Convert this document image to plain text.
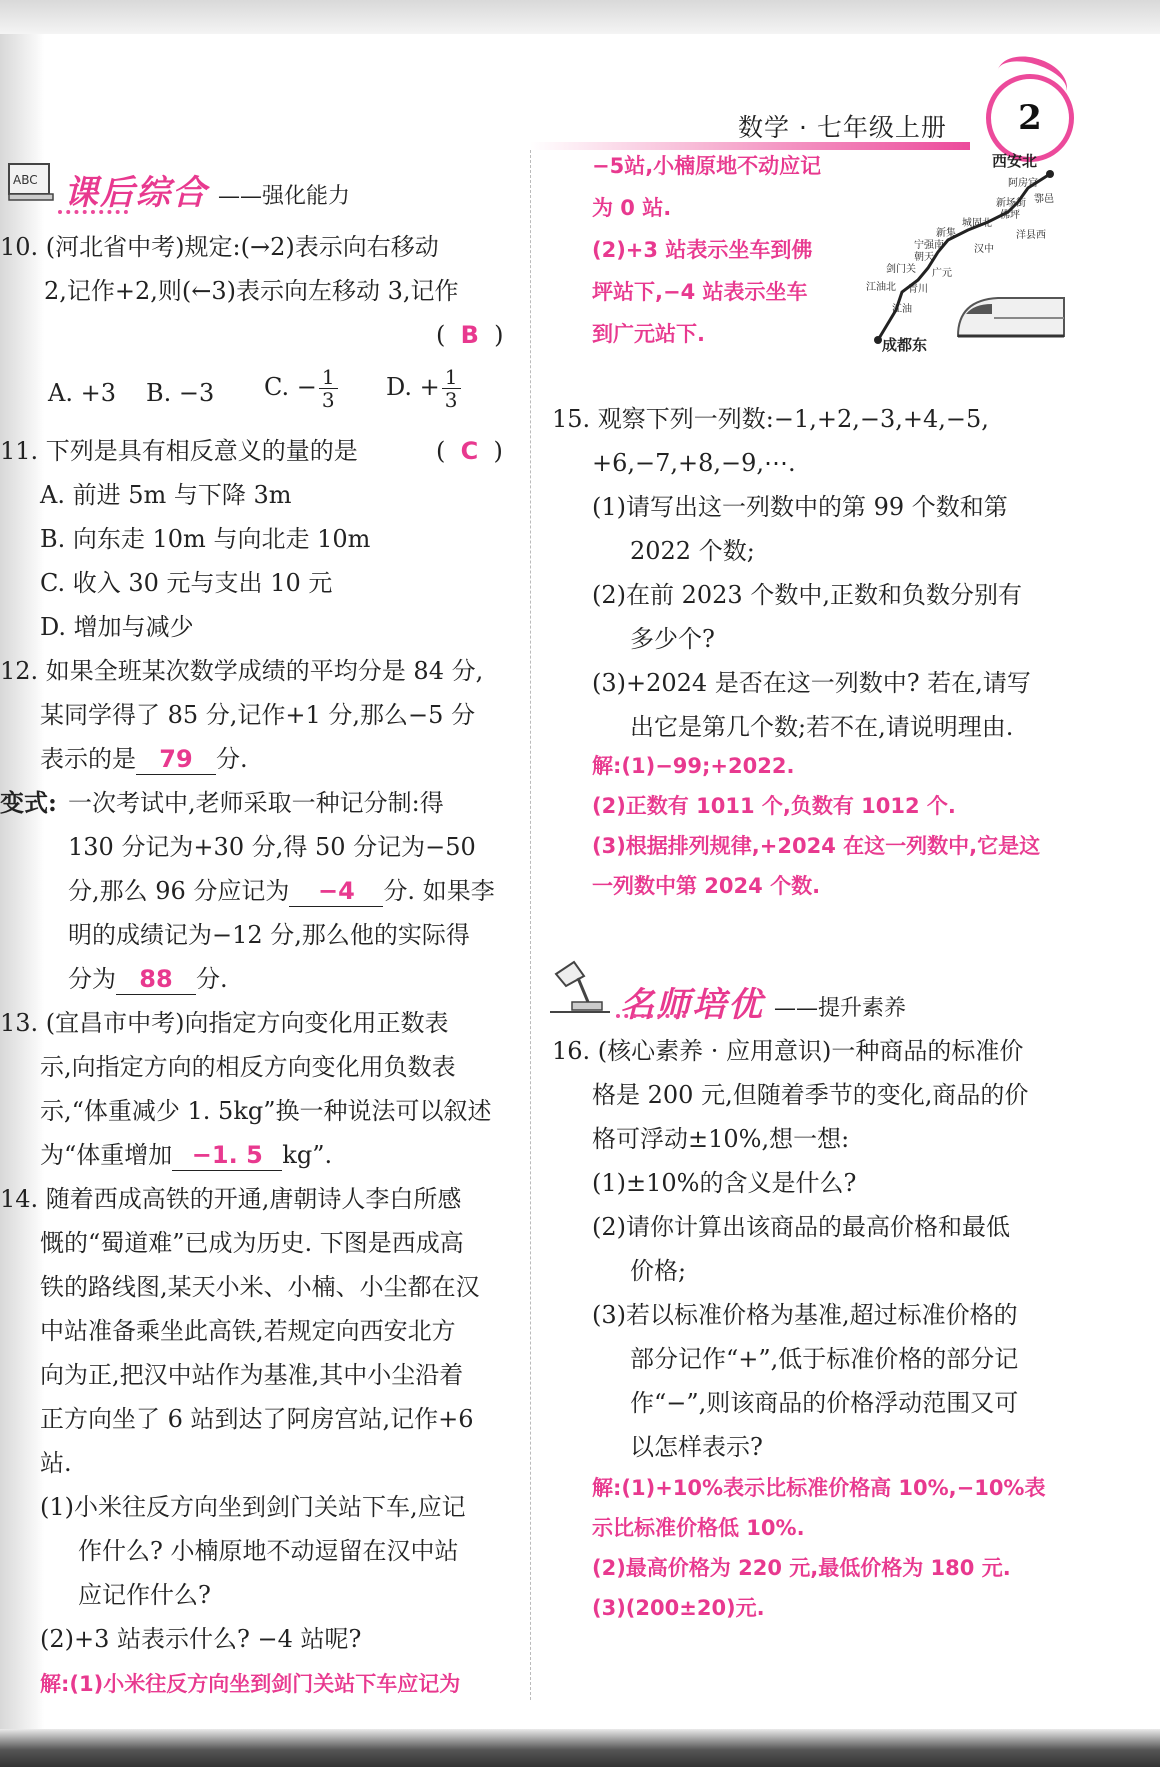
数学 · 七年级上册	2
ABC 课后综合 ——强化能力
10. (河北省中考)规定:(→2)表示向右移动
2,记作+2,则(←3)表示向左移动 3,记作
(  B  )
A. +3 B. −3 C. − $\frac{1}{3} D$. + $\frac{1}{3}$
11. 下列是具有相反意义的量的是	(  C  )
A. 前进 5m 与下降 3m
B. 向东走 10m 与向北走 10m
C. 收入 30 元与支出 10 元
D. 增加与减少
12. 如果全班某次数学成绩的平均分是 84 分,
某同学得了 85 分,记作+1 分,那么−5 分
表示的是 79 分.
变式: 一次考试中,老师采取一种记分制:得
130 分记为+30 分,得 50 分记为−50
分,那么 96 分应记为 −4 分. 如果李
明的成绩记为−12 分,那么他的实际得
分为 88 分.
13. (宜昌市中考)向指定方向变化用正数表
示,向指定方向的相反方向变化用负数表
示,“体重减少 1. 5kg”换一种说法可以叙述
为“体重增加 −1. 5 kg”.
14. 随着西成高铁的开通,唐朝诗人李白所感
慨的“蜀道难”已成为历史. 下图是西成高
铁的路线图,某天小米、小楠、小尘都在汉
中站准备乘坐此高铁,若规定向西安北方
向为正,把汉中站作为基准,其中小尘沿着
正方向坐了 6 站到达了阿房宫站,记作+6
站.
(1)小米往反方向坐到剑门关站下车,应记
作什么? 小楠原地不动逗留在汉中站
应记作什么?
(2)+3 站表示什么? −4 站呢?
解:(1)小米往反方向坐到剑门关站下车应记为
−5站,小楠原地不动应记
为 0 站.
(2)+3 站表示坐车到佛
坪站下,−4 站表示坐车
到广元站下.
西安北
阿房宫
鄠邑
新场街
佛坪
洋县西
城固北
汉中
新集
宁强南
朝天
剑门关 广元
江油北 青川
江油
成都东
15. 观察下列一列数:−1,+2,−3,+4,−5,
+6,−7,+8,−9,⋯.
(1)请写出这一列数中的第 99 个数和第
2022 个数;
(2)在前 2023 个数中,正数和负数分别有
多少个?
(3)+2024 是否在这一列数中? 若在,请写
出它是第几个数;若不在,请说明理由.
解:(1)−99;+2022.
(2)正数有 1011 个,负数有 1012 个.
(3)根据排列规律,+2024 在这一列数中,它是这
一列数中第 2024 个数.
名师培优 ——提升素养
16. (核心素养 · 应用意识)一种商品的标准价
格是 200 元,但随着季节的变化,商品的价
格可浮动±10%,想一想:
(1)±10%的含义是什么?
(2)请你计算出该商品的最高价格和最低
价格;
(3)若以标准价格为基准,超过标准价格的
部分记作“+”,低于标准价格的部分记
作“−”,则该商品的价格浮动范围又可
以怎样表示?
解:(1)+10%表示比标准价格高 10%,−10%表
示比标准价格低 10%.
(2)最高价格为 220 元,最低价格为 180 元.
(3)(200±20)元.
